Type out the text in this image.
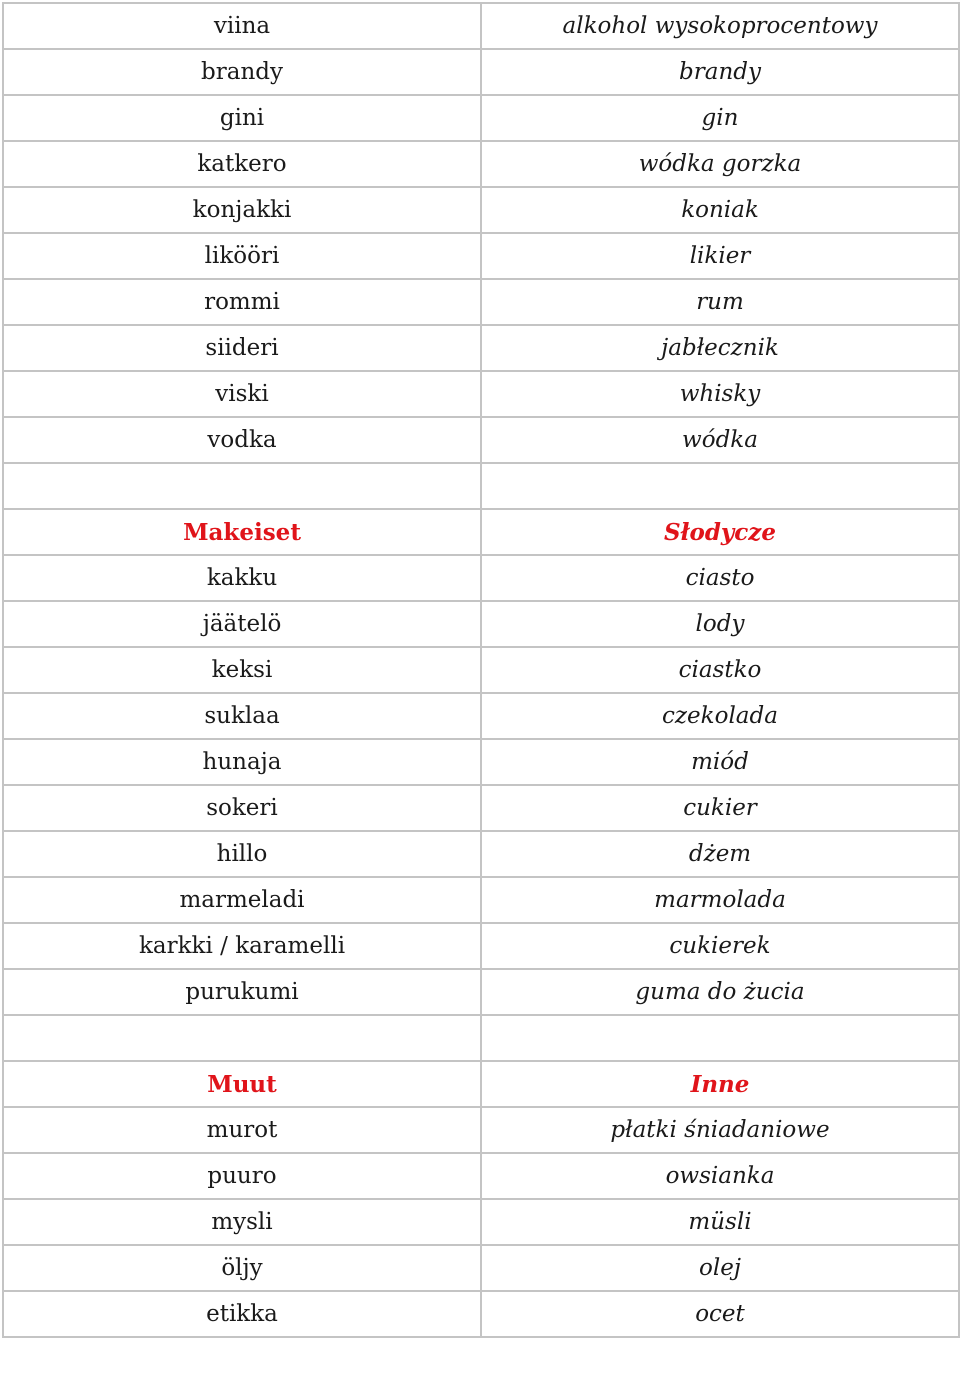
viina	alkohol wysokoprocentowy
brandy	brandy
gini	gin
katkero	wódka gorzka
konjakki	koniak
likööri	likier
rommi	rum
siideri	jabłecznik
viski	whisky
vodka	wódka

Makeiset	Słodycze
kakku	ciasto
jäätelö	lody
keksi	ciastko
suklaa	czekolada
hunaja	miód
sokeri	cukier
hillo	dżem
marmeladi	marmolada
karkki / karamelli	cukierek
purukumi	guma do żucia

Muut	Inne
murot	płatki śniadaniowe
puuro	owsianka
mysli	müsli
öljy	olej
etikka	ocet
